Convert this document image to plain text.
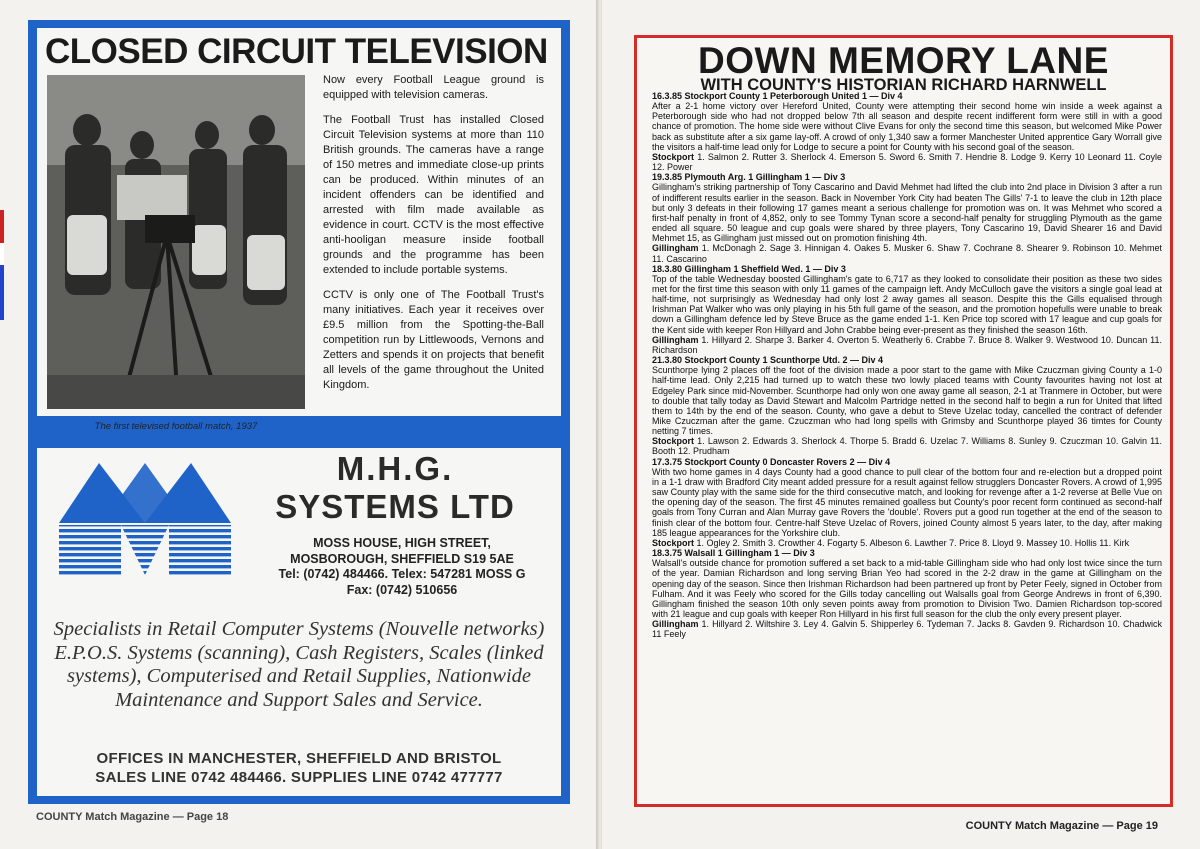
CLOSED CIRCUIT TELEVISION
The first televised football match, 1937

Now every Football League ground is equipped with television cameras.

The Football Trust has installed Closed Circuit Television systems at more than 110 British grounds. The cameras have a range of 150 metres and immediate close-up prints can be produced. Within minutes of an incident offenders can be identified and arrested with film made available as evidence in court. CCTV is the most effective anti-hooligan measure inside football grounds and the programme has been extended to include portable systems.

CCTV is only one of The Football Trust's many initiatives. Each year it receives over £9.5 million from the Spotting-the-Ball competition run by Littlewoods, Vernons and Zetters and spends it on projects that benefit all levels of the game throughout the United Kingdom.

M.H.G.
SYSTEMS LTD
MOSS HOUSE, HIGH STREET,
MOSBOROUGH, SHEFFIELD S19 5AE
Tel: (0742) 484466. Telex: 547281 MOSS G
Fax: (0742) 510656
Specialists in Retail Computer Systems (Nouvelle networks) E.P.O.S. Systems (scanning), Cash Registers, Scales (linked systems), Computerised and Retail Supplies, Nationwide Maintenance and Support Sales and Service.
OFFICES IN MANCHESTER, SHEFFIELD AND BRISTOL
SALES LINE 0742 484466. SUPPLIES LINE 0742 477777
COUNTY Match Magazine — Page 18
COUNTY Match Magazine — Page 19
DOWN MEMORY LANE
WITH COUNTY'S HISTORIAN RICHARD HARNWELL

16.3.85 Stockport County 1 Peterborough United 1 — Div 4

After a 2-1 home victory over Hereford United, County were attempting their second home win inside a week against a Peterborough side who had not dropped below 7th all season and despite recent indifferent form were still in with a good chance of promotion. The home side were without Clive Evans for only the second time this season, but welcomed Mike Power back as substitute after a six game lay-off. A crowd of only 1,340 saw a former Manchester United apprentice Gary Worrall give the visitors a half-time lead only for Lodge to secure a point for County with his second goal of the season.

Stockport 1. Salmon 2. Rutter 3. Sherlock 4. Emerson 5. Sword 6. Smith 7. Hendrie 8. Lodge 9. Kerry 10 Leonard 11. Coyle 12. Power

19.3.85 Plymouth Arg. 1 Gillingham 1 — Div 3

Gillingham's striking partnership of Tony Cascarino and David Mehmet had lifted the club into 2nd place in Division 3 after a run of indifferent results earlier in the season. Back in November York City had beaten The Gills' 7-1 to leave the club in 12th place but only 3 defeats in their following 17 games meant a serious challenge for promotion was on. It was Mehmet who scored a first-half penalty in front of 4,852, only to see Tommy Tynan score a second-half penalty for struggling Plymouth as the game ended all square. 50 league and cup goals were shared by three players, Tony Cascarino 19, David Shearer 16 and David Mehmet 15, as Gillingham just missed out on promotion finishing 4th.

Gillingham 1. McDonagh 2. Sage 3. Hinnigan 4. Oakes 5. Musker 6. Shaw 7. Cochrane 8. Shearer 9. Robinson 10. Mehmet 11. Cascarino

18.3.80 Gillingham 1 Sheffield Wed. 1 — Div 3

Top of the table Wednesday boosted Gillingham's gate to 6,717 as they looked to consolidate their position as these two sides met for the first time this season with only 11 games of the campaign left. Andy McCulloch gave the visitors a single goal lead at half-time, not surprisingly as Wednesday had only lost 2 away games all season. Despite this the Gills equalised through Irishman Pat Walker who was only playing in his 5th full game of the season, and the promotion hopefulls were unable to break down a Gillingham defence led by Steve Bruce as the game ended 1-1. Ken Price top scored with 17 league and cup goals for the Kent side with keeper Ron Hillyard and John Crabbe being ever-present as they finished the season 16th.

Gillingham 1. Hillyard 2. Sharpe 3. Barker 4. Overton 5. Weatherly 6. Crabbe 7. Bruce 8. Walker 9. Westwood 10. Duncan 11. Richardson

21.3.80 Stockport County 1 Scunthorpe Utd. 2 — Div 4

Scunthorpe lying 2 places off the foot of the division made a poor start to the game with Mike Czuczman giving County a 1-0 half-time lead. Only 2,215 had turned up to watch these two lowly placed teams with County favourites having not lost at Edgeley Park since mid-November. Scunthorpe had only won one away game all season, 2-1 at Tranmere in October, but were to double that tally today as David Stewart and Malcolm Partridge netted in the second half to begin a run for United that lifted them to 14th by the end of the season. County, who gave a debut to Steve Uzelac today, cancelled the contract of defender Mike Czuczman after the game. Czuczman who had long spells with Grimsby and Scunthorpe played 36 timtes for County netting 7 times.

Stockport 1. Lawson 2. Edwards 3. Sherlock 4. Thorpe 5. Bradd 6. Uzelac 7. Williams 8. Sunley 9. Czuczman 10. Galvin 11. Booth 12. Prudham

17.3.75 Stockport County 0 Doncaster Rovers 2 — Div 4

With two home games in 4 days County had a good chance to pull clear of the bottom four and re-election but a dropped point in a 1-1 draw with Bradford City meant added pressure for a result against fellow strugglers Doncaster Rovers. A crowd of 1,995 saw County play with the same side for the third consecutive match, and looking for revenge after a 1-2 reverse at Belle Vue on the opening day of the season. The first 45 minutes remained goalless but County's poor recent form continued as second-half goals from Tony Curran and Alan Murray gave Rovers the 'double'. Rovers put a good run together at the end of the season to finish clear of the bottom four. Centre-half Steve Uzelac of Rovers, joined County almost 5 years later, to the day, after making 185 league appearances for the Yorkshire club.

Stockport 1. Ogley 2. Smith 3. Crowther 4. Fogarty 5. Albeson 6. Lawther 7. Price 8. Lloyd 9. Massey 10. Hollis 11. Kirk

18.3.75 Walsall 1 Gillingham 1 — Div 3

Walsall's outside chance for promotion suffered a set back to a mid-table Gillingham side who had only lost twice since the turn of the year. Damian Richardson and long serving Brian Yeo had scored in the 2-2 draw in the game at Gillingham on the opening day of the season. Since then Irishman Richardson had been partnered up front by Peter Feely, signed in October from Fulham. And it was Feely who scored for the Gills today cancelling out Walsalls goal from George Andrews in front of 6,390. Gillingham finished the season 10th only seven points away from promotion to Division Two. Damien Richardson top-scored with 21 league and cup goals with keeper Ron Hillyard in his first full season for the club the only every present player.

Gillingham 1. Hillyard 2. Wiltshire 3. Ley 4. Galvin 5. Shipperley 6. Tydeman 7. Jacks 8. Gavden 9. Richardson 10. Chadwick 11 Feely
